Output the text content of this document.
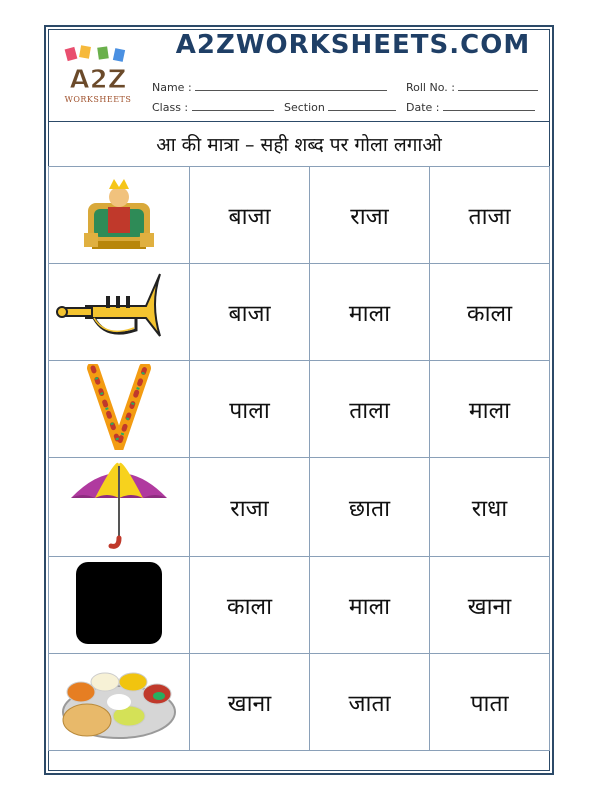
A2Z
WORKSHEETS
A2ZWORKSHEETS.COM
Name :	Roll No. :
Class :	Section	Date :
आ की मात्रा – सही शब्द पर गोला लगाओ
	बाजा	राजा	ताजा
	बाजा	माला	काला
	पाला	ताला	माला
	राजा	छाता	राधा
	काला	माला	खाना
	खाना	जाता	पाता
